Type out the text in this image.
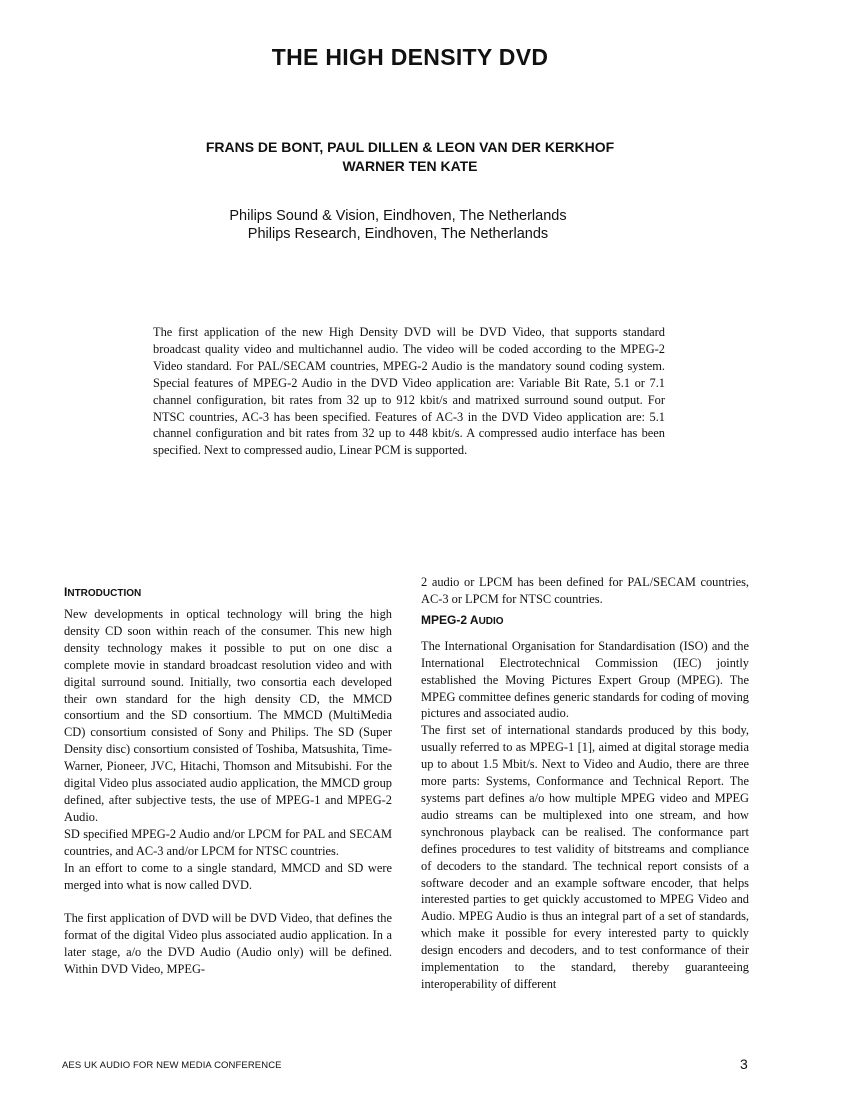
THE HIGH DENSITY DVD
FRANS DE BONT, PAUL DILLEN & LEON VAN DER KERKHOF
WARNER TEN KATE
Philips Sound & Vision, Eindhoven, The Netherlands
Philips Research, Eindhoven, The Netherlands
The first application of the new High Density DVD will be DVD Video, that supports standard broadcast quality video and multichannel audio. The video will be coded according to the MPEG-2 Video standard. For PAL/SECAM countries, MPEG-2 Audio is the mandatory sound coding system. Special features of MPEG-2 Audio in the DVD Video application are: Variable Bit Rate, 5.1 or 7.1 channel configuration, bit rates from 32 up to 912 kbit/s and matrixed surround sound output. For NTSC countries, AC-3 has been specified. Features of AC-3 in the DVD Video application are: 5.1 channel configuration and bit rates from 32 up to 448 kbit/s. A compressed audio interface has been specified. Next to compressed audio, Linear PCM is supported.
INTRODUCTION

New developments in optical technology will bring the high density CD soon within reach of the consumer. This new high density technology makes it possible to put on one disc a complete movie in standard broadcast resolution video and with digital surround sound. Initially, two consortia each developed their own standard for the high density CD, the MMCD consortium and the SD consortium. The MMCD (MultiMedia CD) consortium consisted of Sony and Philips. The SD (Super Density disc) consortium consisted of Toshiba, Matsushita, Time-Warner, Pioneer, JVC, Hitachi, Thomson and Mitsubishi. For the digital Video plus associated audio application, the MMCD group defined, after subjective tests, the use of MPEG-1 and MPEG-2 Audio.

SD specified MPEG-2 Audio and/or LPCM for PAL and SECAM countries, and AC-3 and/or LPCM for NTSC countries.

In an effort to come to a single standard, MMCD and SD were merged into what is now called DVD.

The first application of DVD will be DVD Video, that defines the format of the digital Video plus associated audio application. In a later stage, a/o the DVD Audio (Audio only) will be defined. Within DVD Video, MPEG-

2 audio or LPCM has been defined for PAL/SECAM countries, AC-3 or LPCM for NTSC countries.

MPEG-2 AUDIO

The International Organisation for Standardisation (ISO) and the International Electrotechnical Commission (IEC) jointly established the Moving Pictures Expert Group (MPEG). The MPEG committee defines generic standards for coding of moving pictures and associated audio.

The first set of international standards produced by this body, usually referred to as MPEG-1 [1], aimed at digital storage media up to about 1.5 Mbit/s. Next to Video and Audio, there are three more parts: Systems, Conformance and Technical Report. The systems part defines a/o how multiple MPEG video and MPEG audio streams can be multiplexed into one stream, and how synchronous playback can be realised. The conformance part defines procedures to test validity of bitstreams and compliance of decoders to the standard. The technical report consists of a software decoder and an example software encoder, that helps interested parties to get quickly accustomed to MPEG Video and Audio. MPEG Audio is thus an integral part of a set of standards, which make it possible for every interested party to quickly design encoders and decoders, and to test conformance of their implementation to the standard, thereby guaranteeing interoperability of different

AES UK AUDIO FOR NEW MEDIA CONFERENCE	3
